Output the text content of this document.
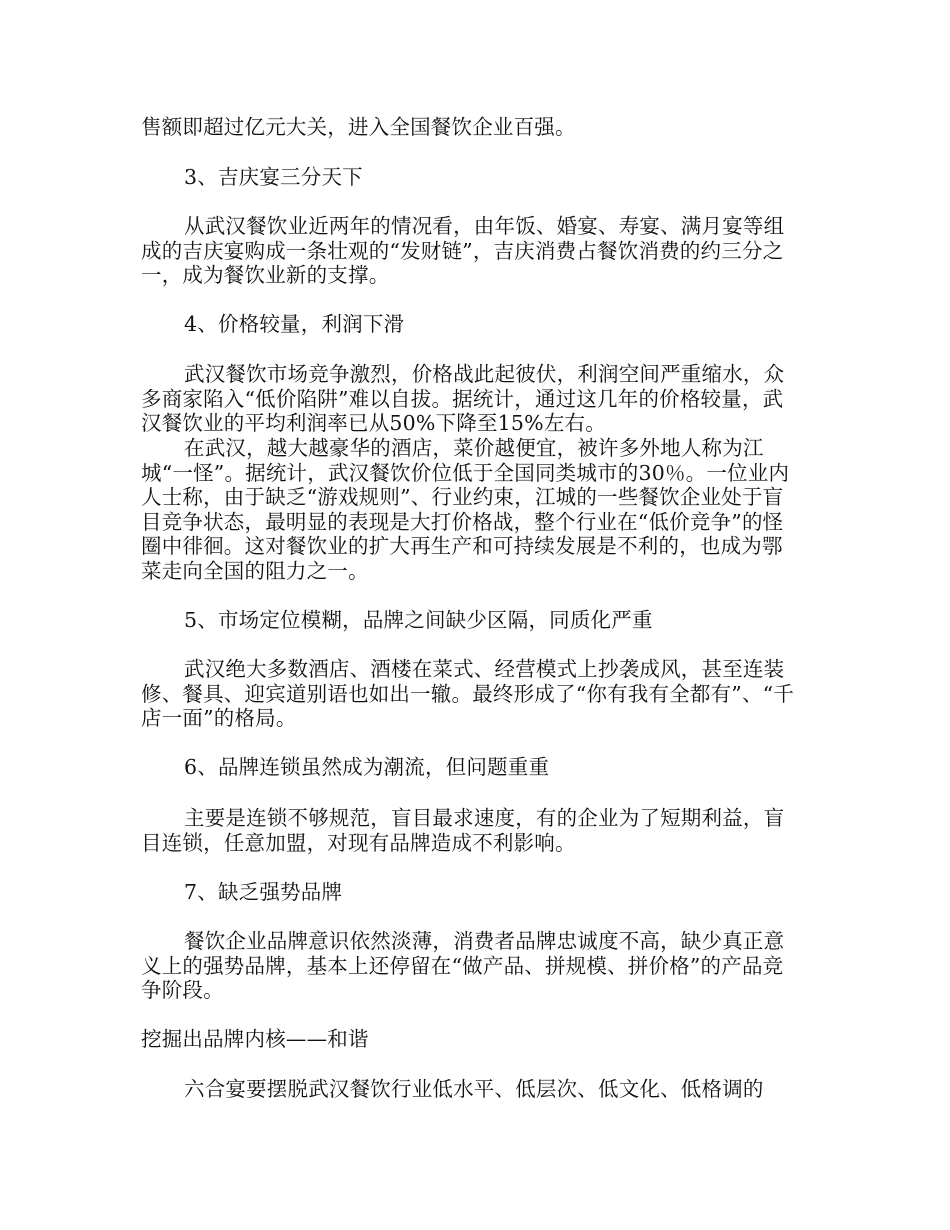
售额即超过亿元大关，进入全国餐饮企业百强。

3、吉庆宴三分天下

从武汉餐饮业近两年的情况看，由年饭、婚宴、寿宴、满月宴等组成的吉庆宴购成一条壮观的“发财链”，吉庆消费占餐饮消费的约三分之一，成为餐饮业新的支撑。

4、价格较量，利润下滑

武汉餐饮市场竞争激烈，价格战此起彼伏，利润空间严重缩水，众多商家陷入“低价陷阱”难以自拔。据统计，通过这几年的价格较量，武汉餐饮业的平均利润率已从50%下降至15%左右。

在武汉，越大越豪华的酒店，菜价越便宜，被许多外地人称为江城“一怪”。据统计，武汉餐饮价位低于全国同类城市的30％。一位业内人士称，由于缺乏“游戏规则”、行业约束，江城的一些餐饮企业处于盲目竞争状态，最明显的表现是大打价格战，整个行业在“低价竞争”的怪圈中徘徊。这对餐饮业的扩大再生产和可持续发展是不利的，也成为鄂菜走向全国的阻力之一。

5、市场定位模糊，品牌之间缺少区隔，同质化严重

武汉绝大多数酒店、酒楼在菜式、经营模式上抄袭成风，甚至连装修、餐具、迎宾道别语也如出一辙。最终形成了“你有我有全都有”、“千店一面”的格局。

6、品牌连锁虽然成为潮流，但问题重重

主要是连锁不够规范，盲目最求速度，有的企业为了短期利益，盲目连锁，任意加盟，对现有品牌造成不利影响。

7、缺乏强势品牌

餐饮企业品牌意识依然淡薄，消费者品牌忠诚度不高，缺少真正意义上的强势品牌，基本上还停留在“做产品、拼规模、拼价格”的产品竞争阶段。

挖掘出品牌内核——和谐

六合宴要摆脱武汉餐饮行业低水平、低层次、低文化、低格调的
